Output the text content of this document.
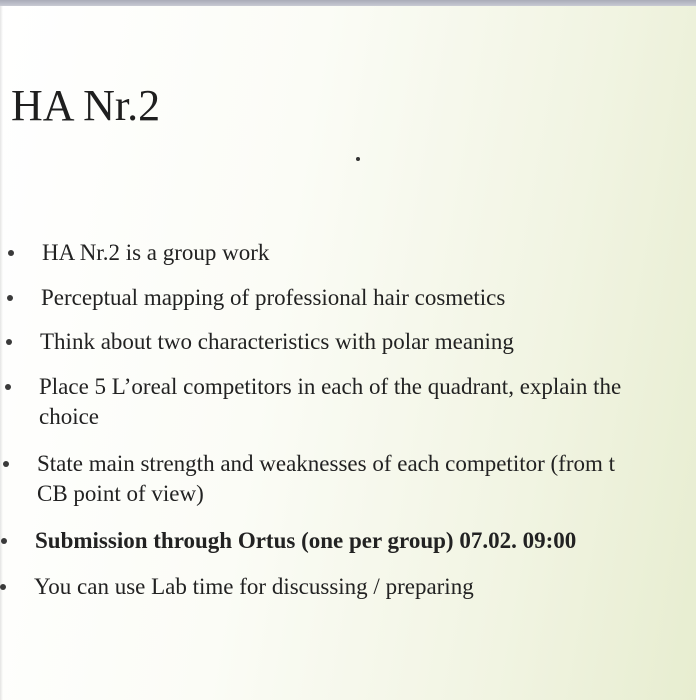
HA Nr.2
HA Nr.2 is a group work
Perceptual mapping of professional hair cosmetics
Think about two characteristics with polar meaning
Place 5 L’oreal competitors in each of the quadrant, explain the
choice
State main strength and weaknesses of each competitor (from t
CB point of view)
Submission through Ortus (one per group) 07.02. 09:00
You can use Lab time for discussing / preparing
